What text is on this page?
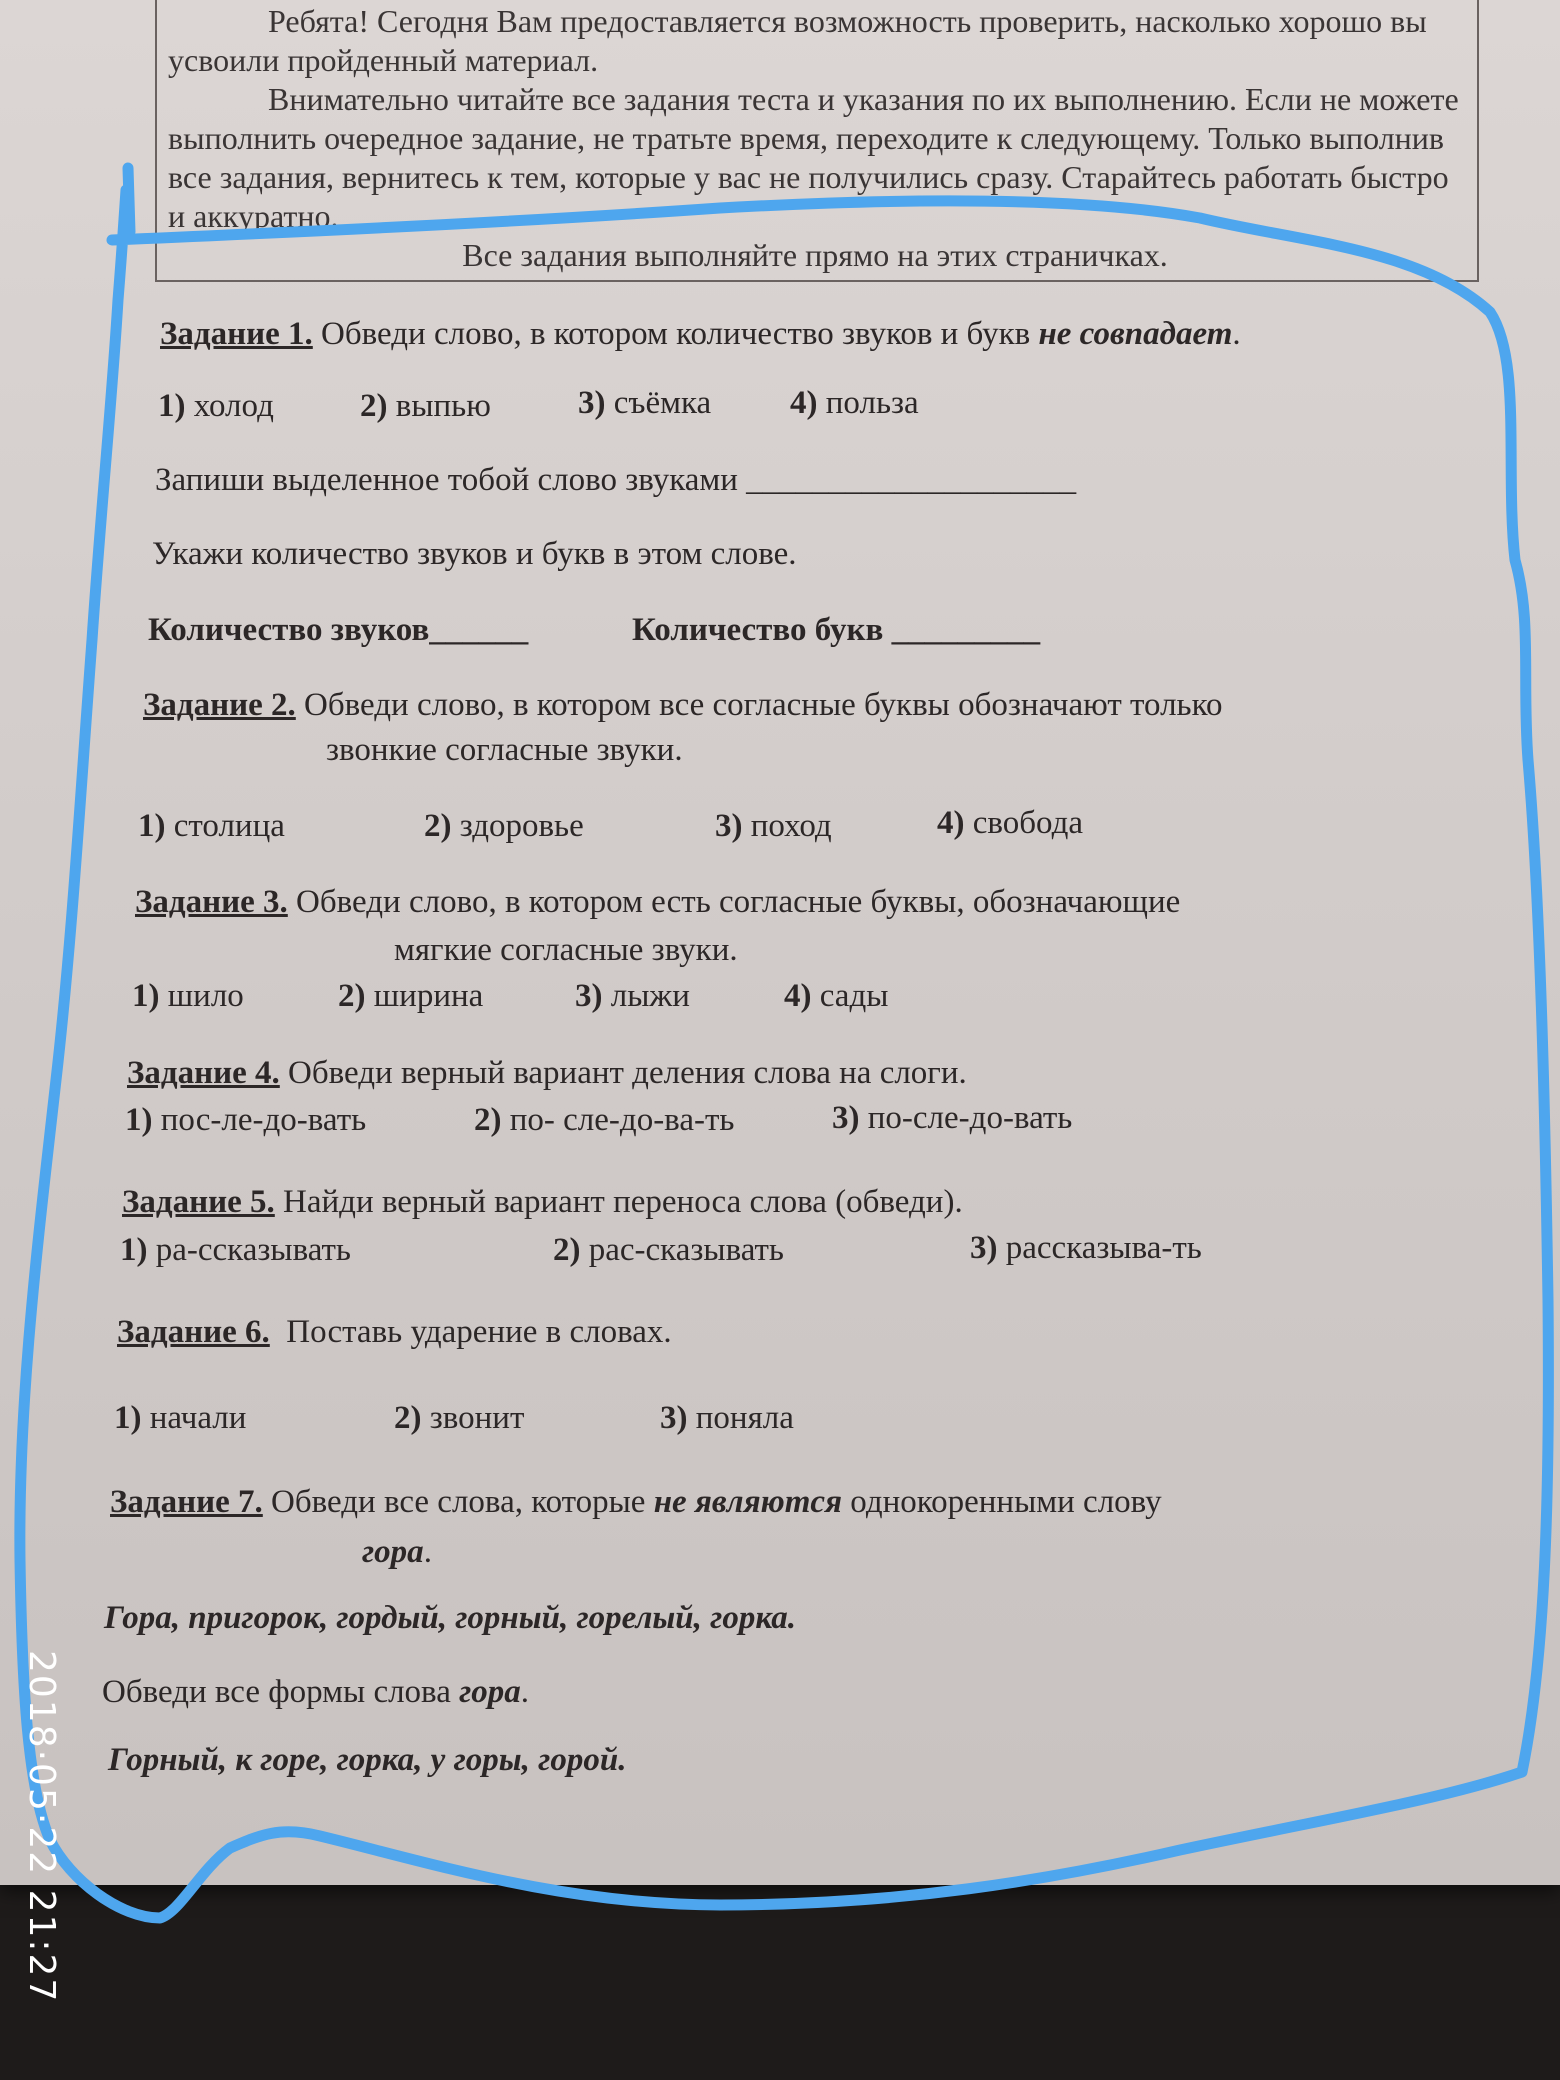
Ребята! Сегодня Вам предоставляется возможность проверить, насколько хорошо вы усвоили пройденный материал.

Внимательно читайте все задания теста и указания по их выполнению. Если не можете выполнить очередное задание, не тратьте время, переходите к следующему. Только выполнив все задания, вернитесь к тем, которые у вас не получились сразу. Старайтесь работать быстро и аккуратно.

Все задания выполняйте прямо на этих страничках.
Задание 1. Обведи слово, в котором количество звуков и букв не совпадает.
1) холод	2) выпью	3) съёмка 4) польза
Запиши выделенное тобой слово звуками ____________________
Укажи количество звуков и букв в этом слове.
Количество звуков______	Количество букв _________
Задание 2. Обведи слово, в котором все согласные буквы обозначают только
звонкие согласные звуки.
1) столица	2) здоровье	3) поход	4) свобода
Задание 3. Обведи слово, в котором есть согласные буквы, обозначающие
мягкие согласные звуки.
1) шило	2) ширина	3) лыжи	4) сады
Задание 4. Обведи верный вариант деления слова на слоги.
1) пос-ле-до-вать	2) по- сле-до-ва-ть	3) по-сле-до-вать
Задание 5. Найди верный вариант переноса слова (обведи).
1) ра-ссказывать	2) рас-сказывать	3) рассказыва-ть
Задание 6. Поставь ударение в словах.
1) начали	2) звонит	3) поняла
Задание 7. Обведи все слова, которые не являются однокоренными слову
гора.
Гора, пригорок, гордый, горный, горелый, горка.
Обведи все формы слова гора.
Горный, к горе, горка, у горы, горой.
2018·05·22 21:27
